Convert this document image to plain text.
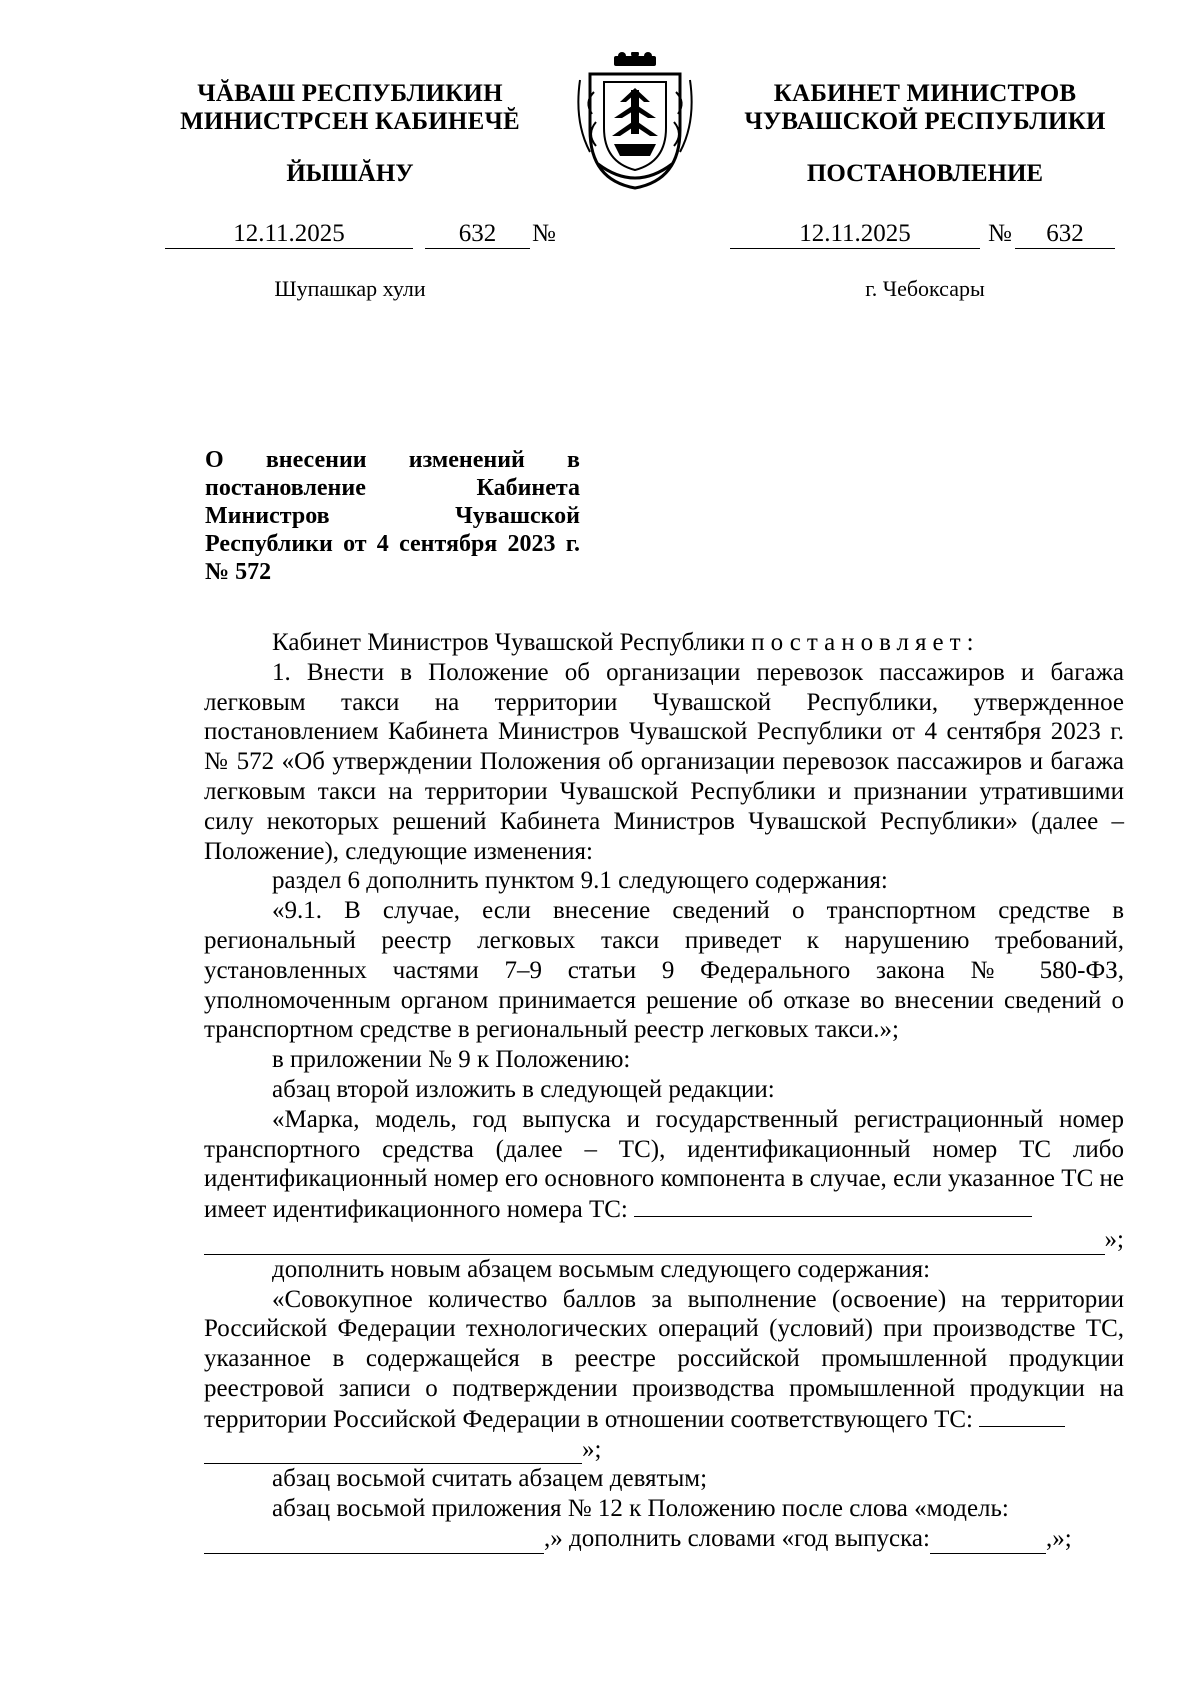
ЧĂВАШ РЕСПУБЛИКИН
МИНИСТРСЕН КАБИНЕЧĔ
ЙЫШĂНУ
КАБИНЕТ МИНИСТРОВ
ЧУВАШСКОЙ РЕСПУБЛИКИ
ПОСТАНОВЛЕНИЕ
12.11.2025	632	№	12.11.2025	№	632
Шупашкар хули	г. Чебоксары
О внесении изменений в постановление Кабинета Министров Чувашской Республики от 4 сентября 2023 г. № 572

Кабинет Министров Чувашской Республики постановляет:

1. Внести в Положение об организации перевозок пассажиров и багажа легковым такси на территории Чувашской Республики, утвержденное постановлением Кабинета Министров Чувашской Республики от 4 сентября 2023 г. № 572 «Об утверждении Положения об организации перевозок пассажиров и багажа легковым такси на территории Чувашской Республики и признании утратившими силу некоторых решений Кабинета Министров Чувашской Республики» (далее – Положение), следующие изменения:

раздел 6 дополнить пунктом 9.1 следующего содержания:

«9.1. В случае, если внесение сведений о транспортном средстве в региональный реестр легковых такси приведет к нарушению требований, установленных частями 7–9 статьи 9 Федерального закона № 580-ФЗ, уполномоченным органом принимается решение об отказе во внесении сведений о транспортном средстве в региональный реестр легковых такси.»;

в приложении № 9 к Положению:

абзац второй изложить в следующей редакции:

«Марка, модель, год выпуска и государственный регистрационный номер транспортного средства (далее – ТС), идентификационный номер ТС либо идентификационный номер его основного компонента в случае, если указанное ТС не имеет идентификационного номера ТС:

»;

дополнить новым абзацем восьмым следующего содержания:

«Совокупное количество баллов за выполнение (освоение) на территории Российской Федерации технологических операций (условий) при производстве ТС, указанное в содержащейся в реестре российской промышленной продукции реестровой записи о подтверждении производства промышленной продукции на территории Российской Федерации в отношении соответствующего ТС:

»;

абзац восьмой считать абзацем девятым;

абзац восьмой приложения № 12 к Положению после слова «модель:

,» дополнить словами «год выпуска:	,»;
